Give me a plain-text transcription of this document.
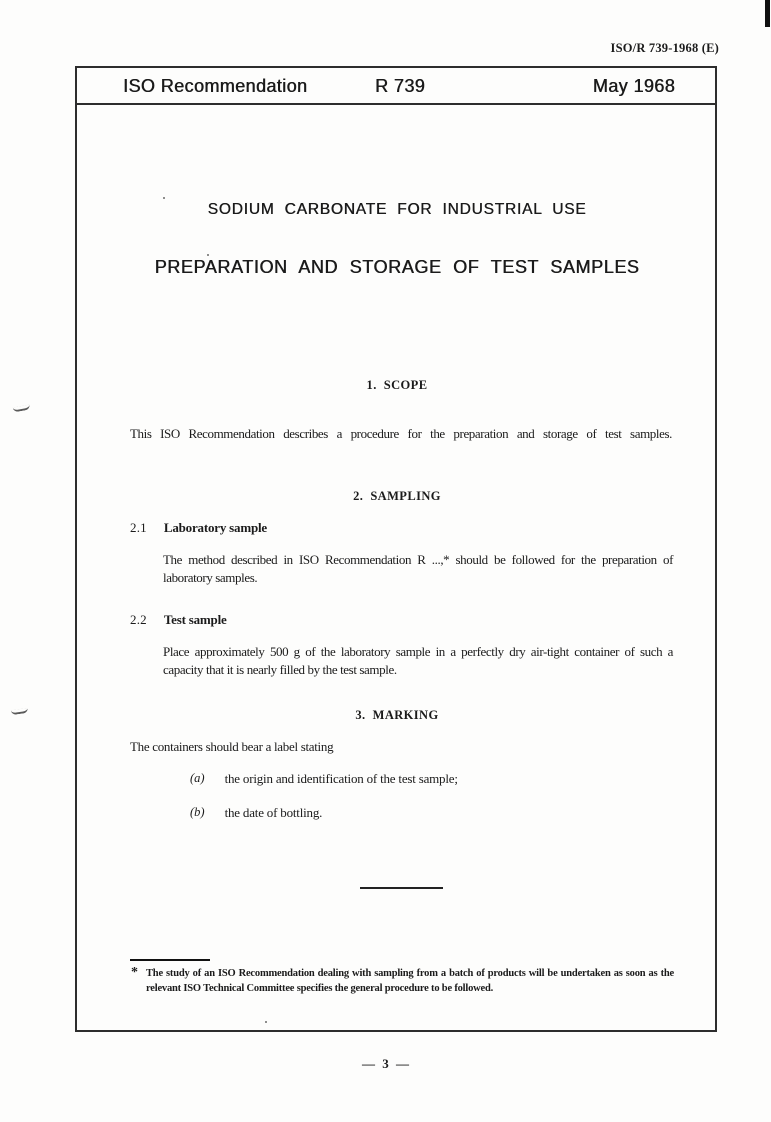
ISO/R 739-1968 (E)
ISO Recommendation	R 739	May 1968
SODIUM CARBONATE FOR INDUSTRIAL USE
PREPARATION AND STORAGE OF TEST SAMPLES
1.  SCOPE
This ISO Recommendation describes a procedure for the preparation and storage of test samples.
2.  SAMPLING
2.1 Laboratory sample
The method described in ISO Recommendation R ...,* should be followed for the preparation of laboratory samples.
2.2 Test sample
Place approximately 500 g of the laboratory sample in a perfectly dry air-tight container of such a capacity that it is nearly filled by the test sample.
3.  MARKING
The containers should bear a label stating
(a) the origin and identification of the test sample;
(b) the date of bottling.
* The study of an ISO Recommendation dealing with sampling from a batch of products will be undertaken as soon as the relevant ISO Technical Committee specifies the general procedure to be followed.
— 3 —
